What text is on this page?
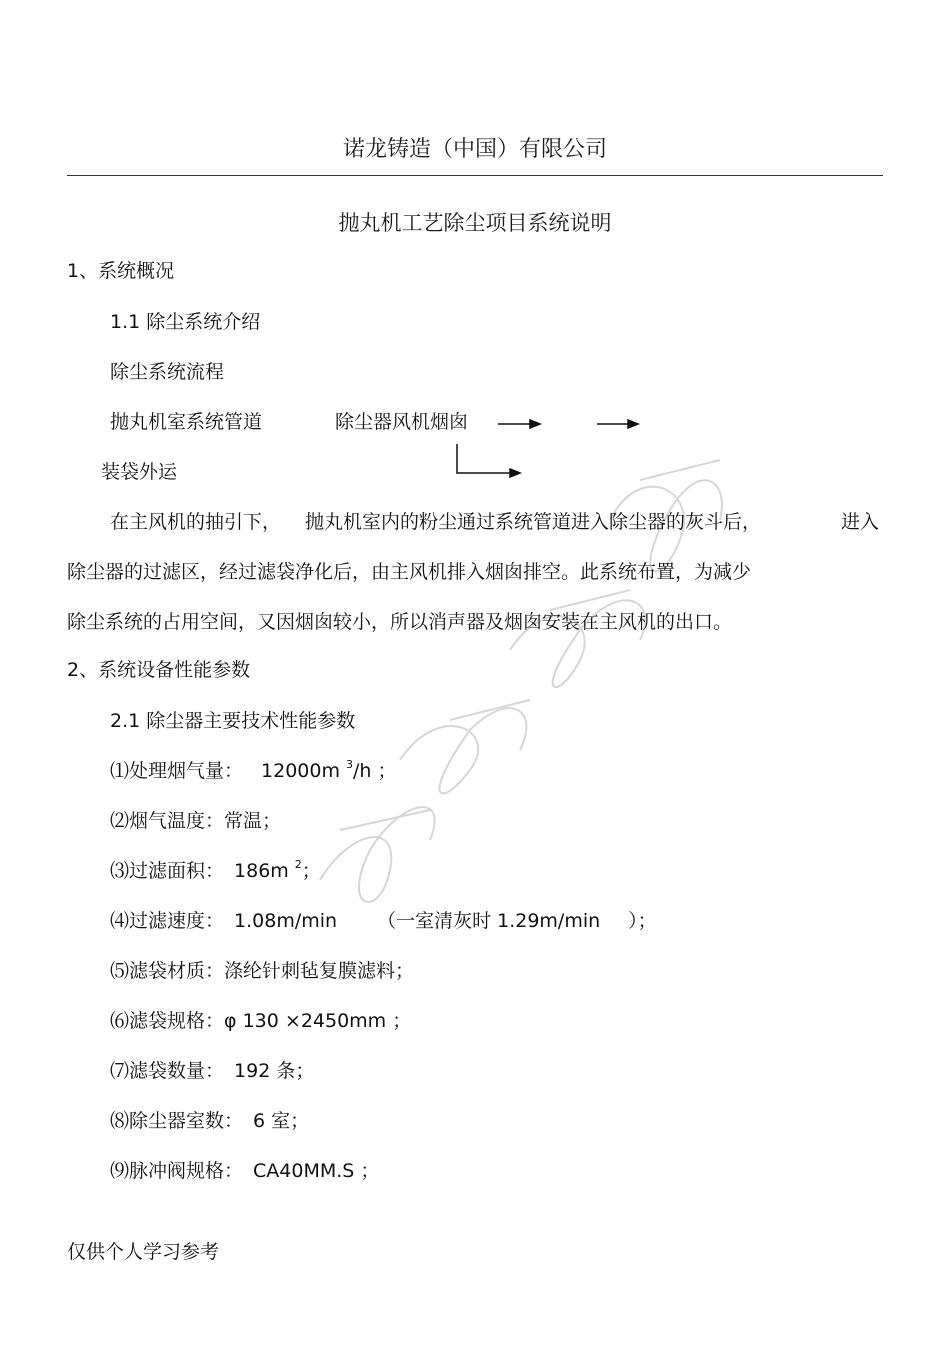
诺龙铸造（中国）有限公司
抛丸机工艺除尘项目系统说明
1、系统概况
1.1 除尘系统介绍
除尘系统流程
抛丸机室系统管道	除尘器风机烟囱
装袋外运
在主风机的抽引下， 抛丸机室内的粉尘通过系统管道进入除尘器的灰斗后，	进入
除尘器的过滤区，经过滤袋净化后，由主风机排入烟囱排空。此系统布置，为减少
除尘系统的占用空间，又因烟囱较小，所以消声器及烟囱安装在主风机的出口。
2、系统设备性能参数
2.1 除尘器主要技术性能参数
⑴处理烟气量： 12000m $^3$/h ；
⑵烟气温度：常温；
⑶过滤面积： 186m $^2$；
⑷过滤速度： 1.08m/min （一室清灰时 1.29m/min ）；
⑸滤袋材质：涤纶针刺毡复膜滤料；
⑹滤袋规格：φ 130 ×2450mm ；
⑺滤袋数量： 192 条；
⑻除尘器室数： 6 室；
⑼脉冲阀规格： CA40MM.S ；
仅供个人学习参考
